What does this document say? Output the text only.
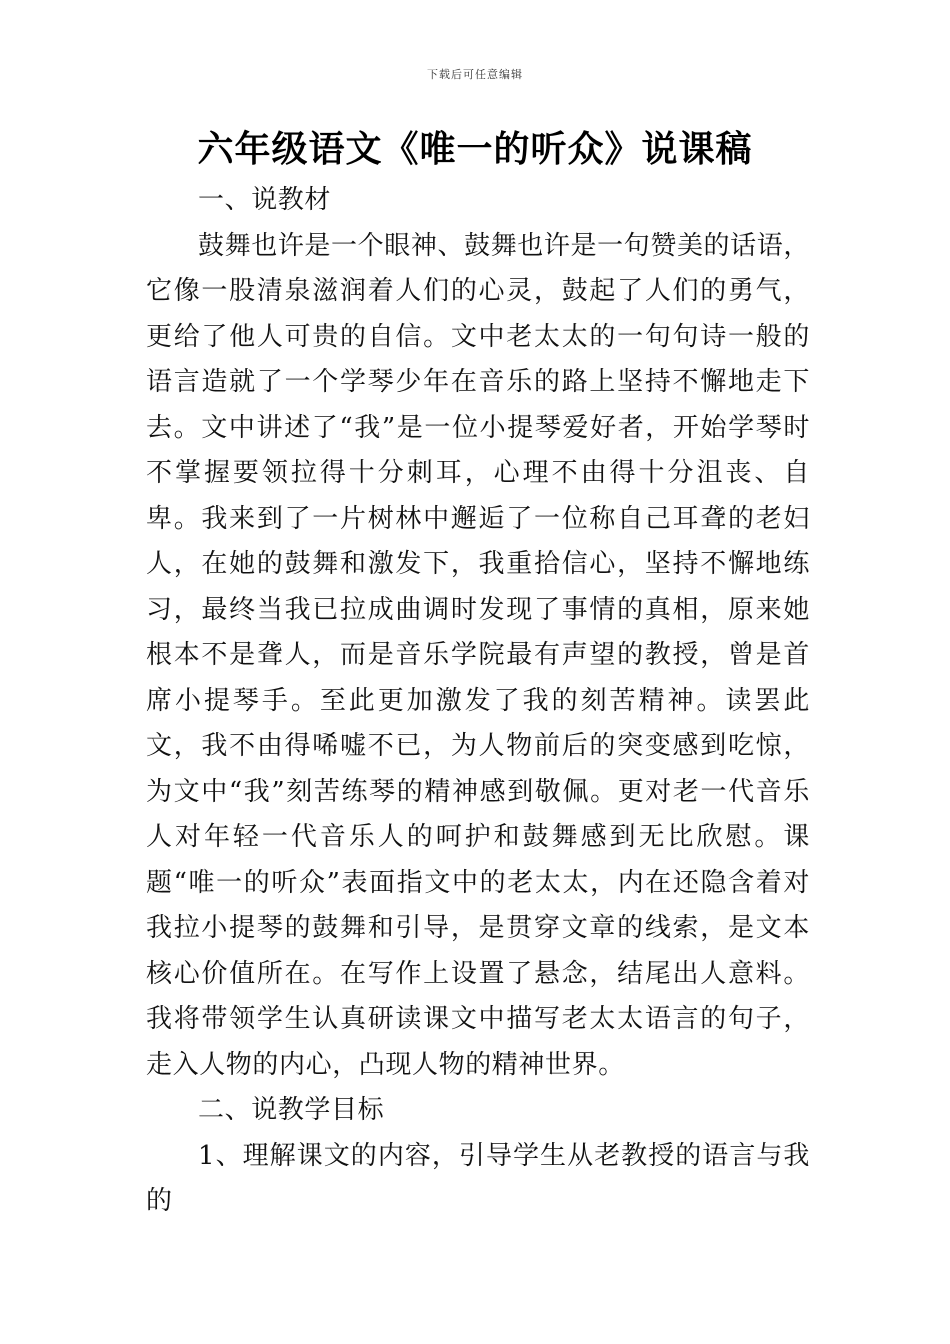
下载后可任意编辑
六年级语文《唯一的听众》说课稿

一、说教材

鼓舞也许是一个眼神、鼓舞也许是一句赞美的话语，它像一股清泉滋润着人们的心灵，鼓起了人们的勇气，更给了他人可贵的自信。文中老太太的一句句诗一般的语言造就了一个学琴少年在音乐的路上坚持不懈地走下去。文中讲述了“我”是一位小提琴爱好者，开始学琴时不掌握要领拉得十分刺耳，心理不由得十分沮丧、自卑。我来到了一片树林中邂逅了一位称自己耳聋的老妇人，在她的鼓舞和激发下，我重拾信心，坚持不懈地练习，最终当我已拉成曲调时发现了事情的真相，原来她根本不是聋人，而是音乐学院最有声望的教授，曾是首席小提琴手。至此更加激发了我的刻苦精神。读罢此文，我不由得唏嘘不已，为人物前后的突变感到吃惊，为文中“我”刻苦练琴的精神感到敬佩。更对老一代音乐人对年轻一代音乐人的呵护和鼓舞感到无比欣慰。课题“唯一的听众”表面指文中的老太太，内在还隐含着对我拉小提琴的鼓舞和引导，是贯穿文章的线索，是文本核心价值所在。在写作上设置了悬念，结尾出人意料。我将带领学生认真研读课文中描写老太太语言的句子，走入人物的内心，凸现人物的精神世界。

二、说教学目标

1、理解课文的内容，引导学生从老教授的语言与我的
